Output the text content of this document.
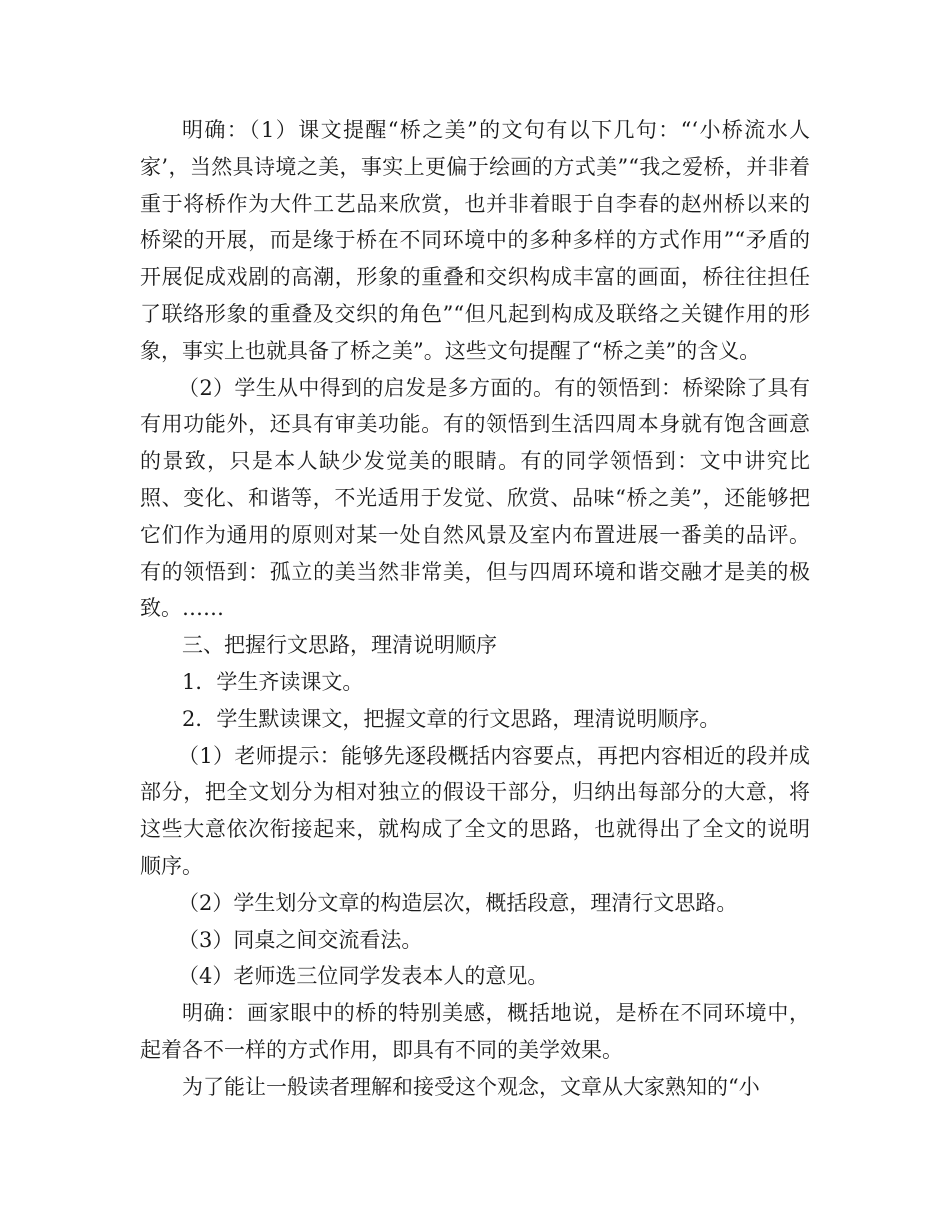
明确：（1）课文提醒“桥之美”的文句有以下几句：“‘小桥流水人家’，当然具诗境之美，事实上更偏于绘画的方式美”“我之爱桥，并非着重于将桥作为大件工艺品来欣赏，也并非着眼于自李春的赵州桥以来的桥梁的开展，而是缘于桥在不同环境中的多种多样的方式作用”“矛盾的开展促成戏剧的高潮，形象的重叠和交织构成丰富的画面，桥往往担任了联络形象的重叠及交织的角色”“但凡起到构成及联络之关键作用的形象，事实上也就具备了桥之美”。这些文句提醒了“桥之美”的含义。

（2）学生从中得到的启发是多方面的。有的领悟到：桥梁除了具有有用功能外，还具有审美功能。有的领悟到生活四周本身就有饱含画意的景致，只是本人缺少发觉美的眼睛。有的同学领悟到：文中讲究比照、变化、和谐等，不光适用于发觉、欣赏、品味“桥之美”，还能够把它们作为通用的原则对某一处自然风景及室内布置进展一番美的品评。有的领悟到：孤立的美当然非常美，但与四周环境和谐交融才是美的极致。……

三、把握行文思路，理清说明顺序

1．学生齐读课文。

2．学生默读课文，把握文章的行文思路，理清说明顺序。

（1）老师提示：能够先逐段概括内容要点，再把内容相近的段并成部分，把全文划分为相对独立的假设干部分，归纳出每部分的大意，将这些大意依次衔接起来，就构成了全文的思路，也就得出了全文的说明顺序。

（2）学生划分文章的构造层次，概括段意，理清行文思路。

（3）同桌之间交流看法。

（4）老师选三位同学发表本人的意见。

明确：画家眼中的桥的特别美感，概括地说，是桥在不同环境中，起着各不一样的方式作用，即具有不同的美学效果。

为了能让一般读者理解和接受这个观念，文章从大家熟知的“小
